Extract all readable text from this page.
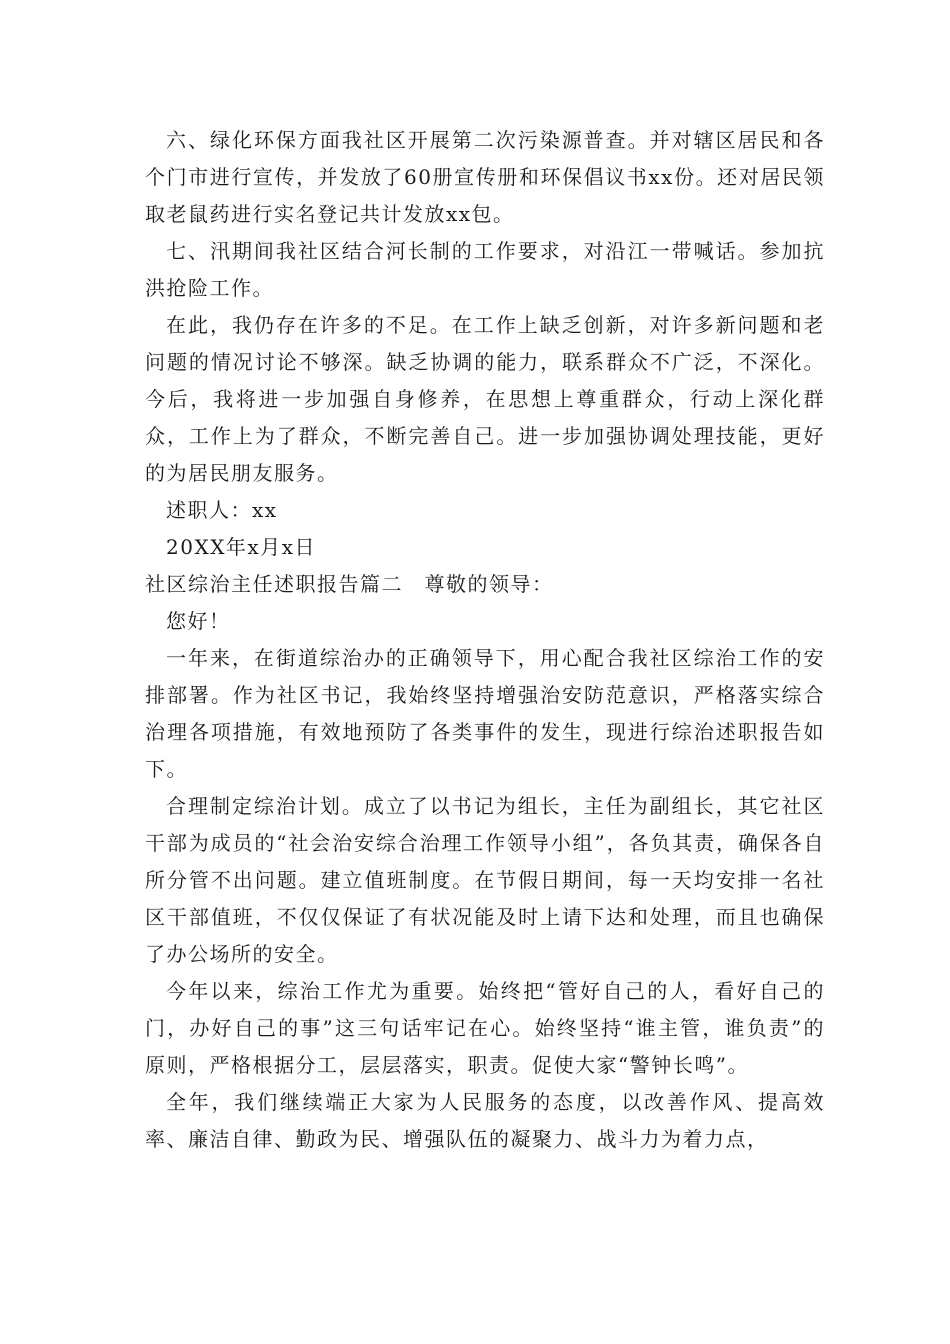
六、绿化环保方面我社区开展第二次污染源普查。并对辖区居民和各个门市进行宣传，并发放了60册宣传册和环保倡议书xx份。还对居民领取老鼠药进行实名登记共计发放xx包。

七、汛期间我社区结合河长制的工作要求，对沿江一带喊话。参加抗洪抢险工作。

在此，我仍存在许多的不足。在工作上缺乏创新，对许多新问题和老问题的情况讨论不够深。缺乏协调的能力，联系群众不广泛，不深化。今后，我将进一步加强自身修养，在思想上尊重群众，行动上深化群众，工作上为了群众，不断完善自己。进一步加强协调处理技能，更好的为居民朋友服务。

述职人：xx

20XX年x月x日

社区综治主任述职报告篇二　尊敬的领导：

您好！

一年来，在街道综治办的正确领导下，用心配合我社区综治工作的安排部署。作为社区书记，我始终坚持增强治安防范意识，严格落实综合治理各项措施，有效地预防了各类事件的发生，现进行综治述职报告如下。

合理制定综治计划。成立了以书记为组长，主任为副组长，其它社区干部为成员的“社会治安综合治理工作领导小组”，各负其责，确保各自所分管不出问题。建立值班制度。在节假日期间，每一天均安排一名社区干部值班，不仅仅保证了有状况能及时上请下达和处理，而且也确保了办公场所的安全。

今年以来，综治工作尤为重要。始终把“管好自己的人，看好自己的门，办好自己的事”这三句话牢记在心。始终坚持“谁主管，谁负责”的原则，严格根据分工，层层落实，职责。促使大家“警钟长鸣”。

全年，我们继续端正大家为人民服务的态度，以改善作风、提高效率、廉洁自律、勤政为民、增强队伍的凝聚力、战斗力为着力点，
